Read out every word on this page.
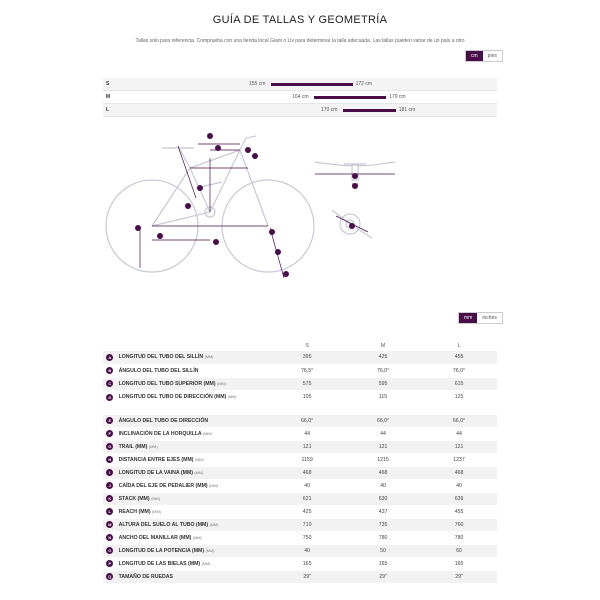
GUÍA DE TALLAS Y GEOMETRÍA
Tallas solo para referencia. Comprueba con una tienda local Giant o Liv para determinar la talla adecuada. Las tallas pueden variar de un país a otro
cm	pies
S	155 cm	172 cm
M	164 cm	179 cm
L	170 cm	181 cm
mm	inches
		S	M	L
A	LONGITUD DEL TUBO DEL SILLÍN (MM)	395	425	455
B	ÁNGULO DEL TUBO DEL SILLÍN	76,5°	76,0°	76,0°
C	LONGITUD DEL TUBO SUPERIOR (MM) (MM)	575	595	615
D	LONGITUD DEL TUBO DE DIRECCIÓN (MM) (MM)	105	115	125
E	ÁNGULO DEL TUBO DE DIRECCIÓN	66,0°	66,0°	66,0°
F	INCLINACIÓN DE LA HORQUILLA (MM)	44	44	44
G	TRAIL (MM) (MM)	121	121	121
H	DISTANCIA ENTRE EJES (MM) (MM)	1159	1215	1237
I	LONGITUD DE LA VAINA (MM) (MM)	468	468	468
J	CAÍDA DEL EJE DE PEDALIER (MM) (MM)	40	40	40
K	STACK (MM) (MM)	621	630	639
L	REACH (MM) (MM)	425	437	455
M	ALTURA DEL SUELO AL TUBO (MM) (MM)	710	735	760
N	ANCHO DEL MANILLAR (MM) (MM)	750	780	780
O	LONGITUD DE LA POTENCIA (MM) (MM)	40	50	60
P	LONGITUD DE LAS BIELAS (MM) (MM)	165	165	165
Q	TAMAÑO DE RUEDAS	29"	29"	29"
